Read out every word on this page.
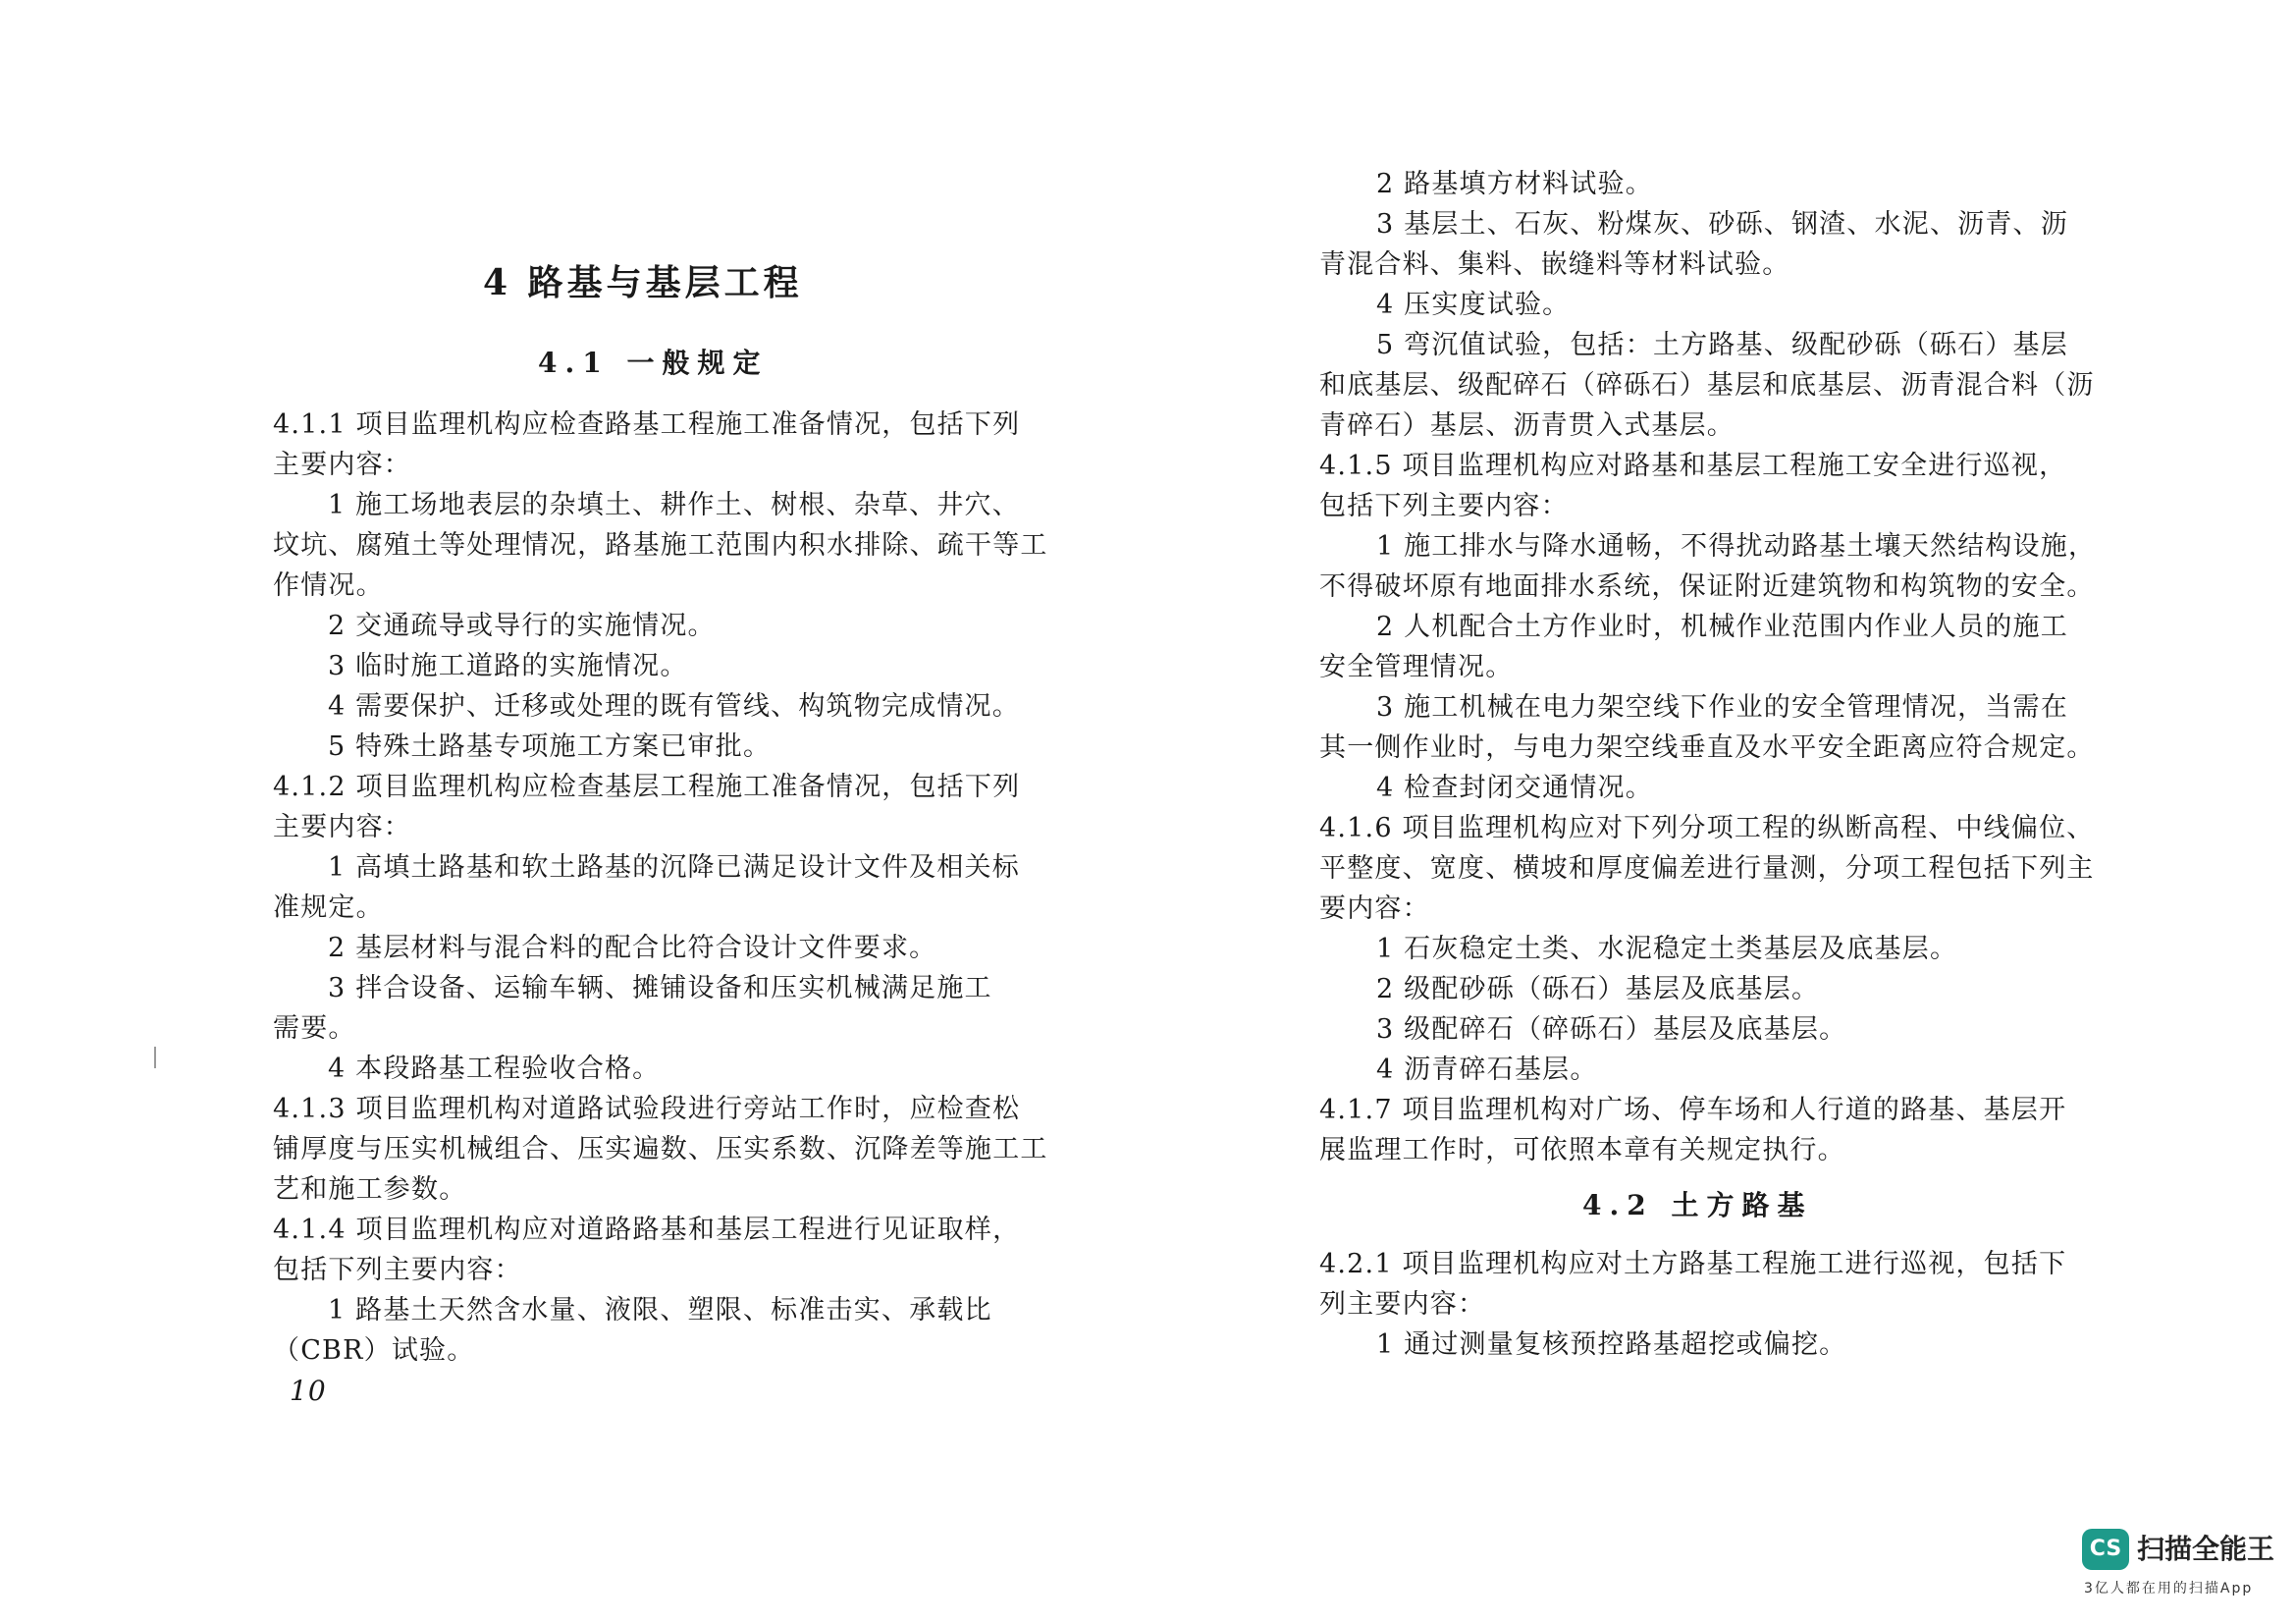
4 路基与基层工程
4.1 一般规定
4.1.1 项目监理机构应检查路基工程施工准备情况，包括下列
主要内容：
1 施工场地表层的杂填土、耕作土、树根、杂草、井穴、
坟坑、腐殖土等处理情况，路基施工范围内积水排除、疏干等工
作情况。
2 交通疏导或导行的实施情况。
3 临时施工道路的实施情况。
4 需要保护、迁移或处理的既有管线、构筑物完成情况。
5 特殊土路基专项施工方案已审批。
4.1.2 项目监理机构应检查基层工程施工准备情况，包括下列
主要内容：
1 高填土路基和软土路基的沉降已满足设计文件及相关标
准规定。
2 基层材料与混合料的配合比符合设计文件要求。
3 拌合设备、运输车辆、摊铺设备和压实机械满足施工
需要。
4 本段路基工程验收合格。
4.1.3 项目监理机构对道路试验段进行旁站工作时，应检查松
铺厚度与压实机械组合、压实遍数、压实系数、沉降差等施工工
艺和施工参数。
4.1.4 项目监理机构应对道路路基和基层工程进行见证取样，
包括下列主要内容：
1 路基土天然含水量、液限、塑限、标准击实、承载比
（CBR）试验。
10
2 路基填方材料试验。
3 基层土、石灰、粉煤灰、砂砾、钢渣、水泥、沥青、沥
青混合料、集料、嵌缝料等材料试验。
4 压实度试验。
5 弯沉值试验，包括：土方路基、级配砂砾（砾石）基层
和底基层、级配碎石（碎砾石）基层和底基层、沥青混合料（沥
青碎石）基层、沥青贯入式基层。
4.1.5 项目监理机构应对路基和基层工程施工安全进行巡视，
包括下列主要内容：
1 施工排水与降水通畅，不得扰动路基土壤天然结构设施，
不得破坏原有地面排水系统，保证附近建筑物和构筑物的安全。
2 人机配合土方作业时，机械作业范围内作业人员的施工
安全管理情况。
3 施工机械在电力架空线下作业的安全管理情况，当需在
其一侧作业时，与电力架空线垂直及水平安全距离应符合规定。
4 检查封闭交通情况。
4.1.6 项目监理机构应对下列分项工程的纵断高程、中线偏位、
平整度、宽度、横坡和厚度偏差进行量测，分项工程包括下列主
要内容：
1 石灰稳定土类、水泥稳定土类基层及底基层。
2 级配砂砾（砾石）基层及底基层。
3 级配碎石（碎砾石）基层及底基层。
4 沥青碎石基层。
4.1.7 项目监理机构对广场、停车场和人行道的路基、基层开
展监理工作时，可依照本章有关规定执行。
4.2 土方路基
4.2.1 项目监理机构应对土方路基工程施工进行巡视，包括下
列主要内容：
1 通过测量复核预控路基超挖或偏挖。
CS 扫描全能王
3亿人都在用的扫描App
